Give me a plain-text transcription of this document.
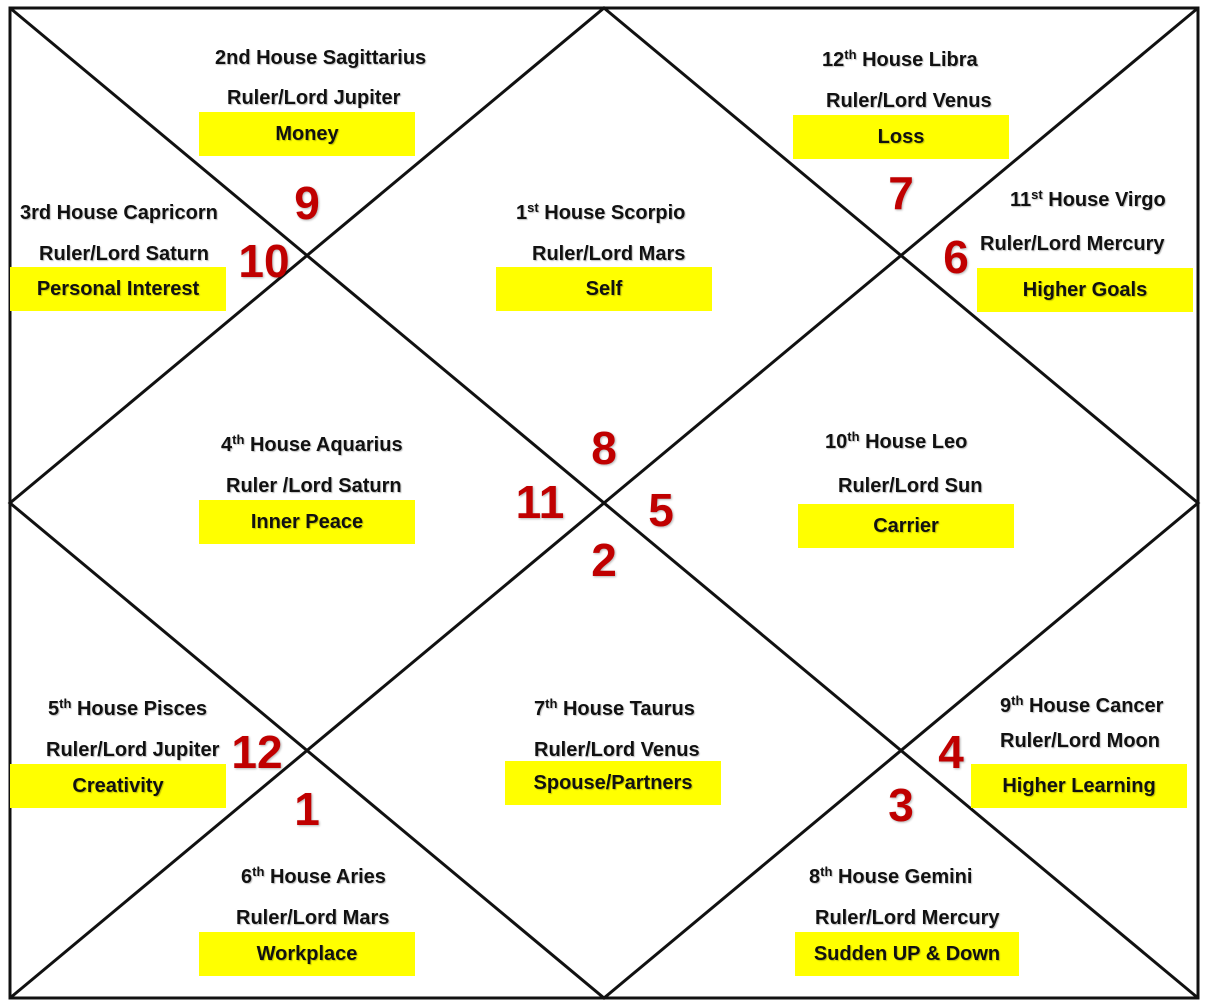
2nd House Sagittarius
Ruler/Lord Jupiter
Money
9
12th House Libra
Ruler/Lord Venus
Loss
7
3rd House Capricorn
Ruler/Lord Saturn
Personal Interest
10
1st House Scorpio
Ruler/Lord Mars
Self
8
11st House Virgo
Ruler/Lord Mercury
Higher Goals
6
4th House Aquarius
Ruler /Lord Saturn
Inner Peace	11
10th House Leo
Ruler/Lord Sun
Carrier
5
7th House Taurus
Ruler/Lord Venus
Spouse/Partners
2
5th House Pisces
Ruler/Lord Jupiter
Creativity
12
9th House Cancer
Ruler/Lord Moon
Higher Learning
4
6th House Aries
Ruler/Lord Mars
Workplace
1
8th House Gemini
Ruler/Lord Mercury
Sudden UP & Down
3
